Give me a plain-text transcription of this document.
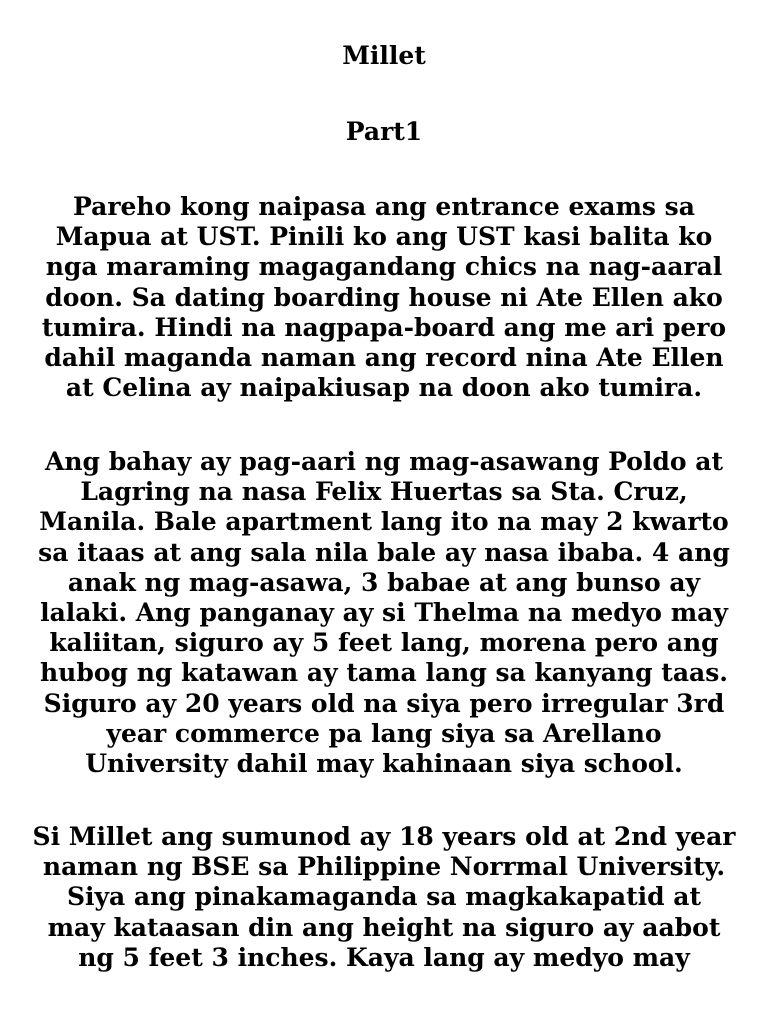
Millet
Part1

Pareho kong naipasa ang entrance exams sa
Mapua at UST. Pinili ko ang UST kasi balita ko
nga maraming magagandang chics na nag-aaral
doon. Sa dating boarding house ni Ate Ellen ako
tumira. Hindi na nagpapa-board ang me ari pero
dahil maganda naman ang record nina Ate Ellen
at Celina ay naipakiusap na doon ako tumira.

Ang bahay ay pag-aari ng mag-asawang Poldo at
Lagring na nasa Felix Huertas sa Sta. Cruz,
Manila. Bale apartment lang ito na may 2 kwarto
sa itaas at ang sala nila bale ay nasa ibaba. 4 ang
anak ng mag-asawa, 3 babae at ang bunso ay
lalaki. Ang panganay ay si Thelma na medyo may
kaliitan, siguro ay 5 feet lang, morena pero ang
hubog ng katawan ay tama lang sa kanyang taas.
Siguro ay 20 years old na siya pero irregular 3rd
year commerce pa lang siya sa Arellano
University dahil may kahinaan siya school.

Si Millet ang sumunod ay 18 years old at 2nd year
naman ng BSE sa Philippine Norrmal University.
Siya ang pinakamaganda sa magkakapatid at
may kataasan din ang height na siguro ay aabot
ng 5 feet 3 inches. Kaya lang ay medyo may
